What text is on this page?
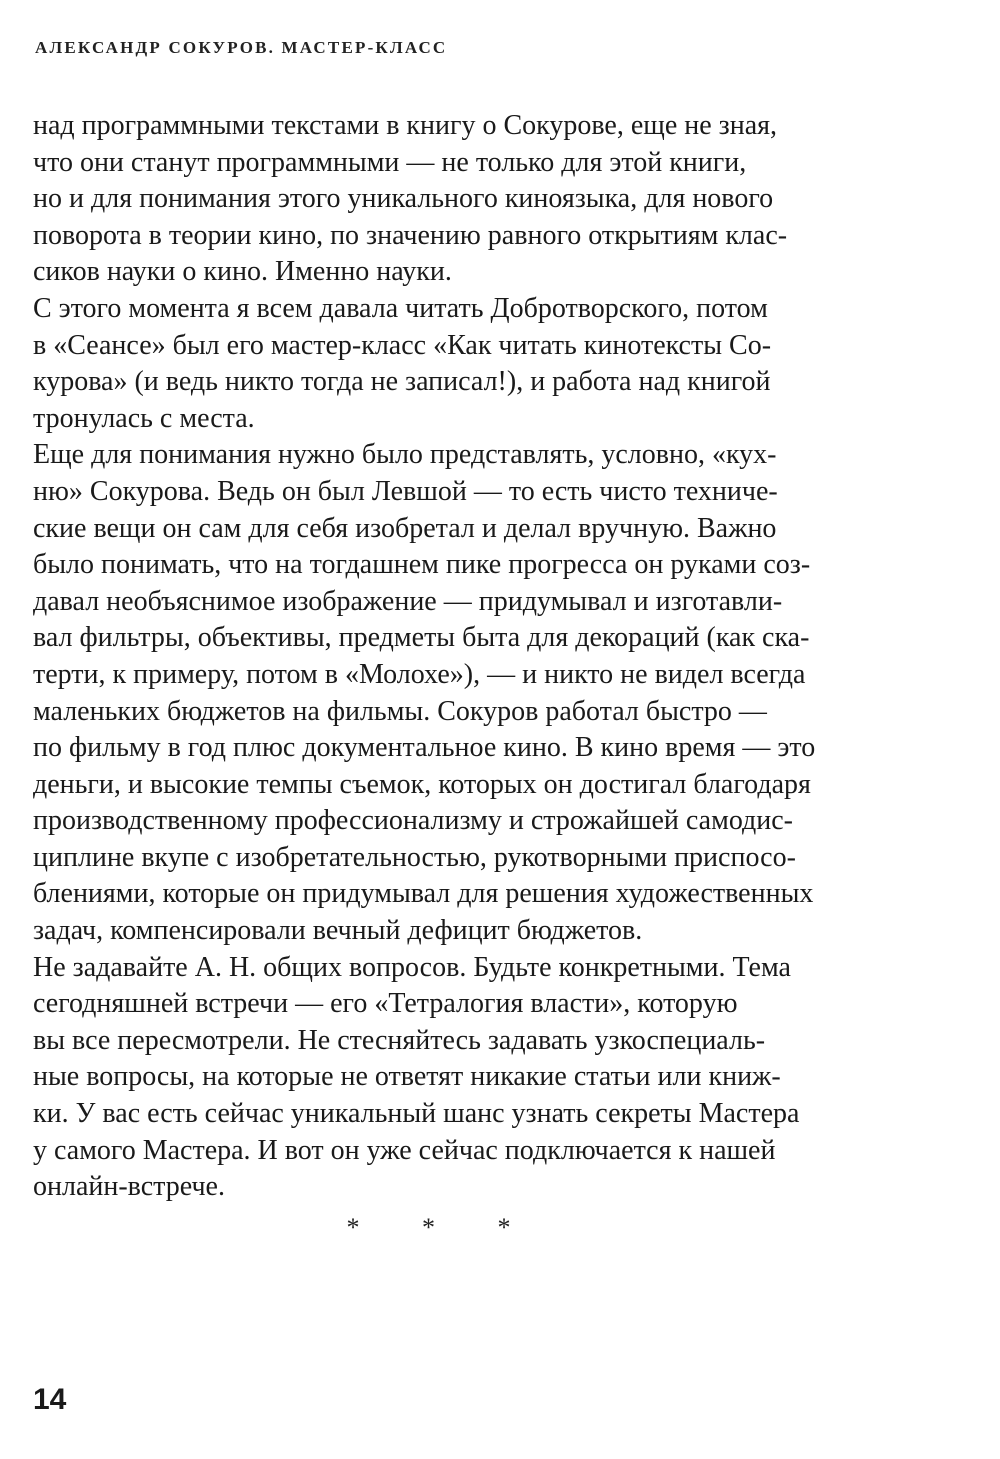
АЛЕКСАНДР СОКУРОВ. МАСТЕР-КЛАСС
над программными текстами в книгу о Сокурове, еще не зная,
что они станут программными — не только для этой книги,
но и для понимания этого уникального киноязыка, для нового
поворота в теории кино, по значению равного открытиям клас-
сиков науки о кино. Именно науки.
С этого момента я всем давала читать Добротворского, потом
в «Сеансе» был его мастер-класс «Как читать кинотексты Со-
курова» (и ведь никто тогда не записал!), и работа над книгой
тронулась с места.
Еще для понимания нужно было представлять, условно, «кух-
ню» Сокурова. Ведь он был Левшой — то есть чисто техниче-
ские вещи он сам для себя изобретал и делал вручную. Важно
было понимать, что на тогдашнем пике прогресса он руками соз-
давал необъяснимое изображение — придумывал и изготавли-
вал фильтры, объективы, предметы быта для декораций (как ска-
терти, к примеру, потом в «Молохе»), — и никто не видел всегда
маленьких бюджетов на фильмы. Сокуров работал быстро —
по фильму в год плюс документальное кино. В кино время — это
деньги, и высокие темпы съемок, которых он достигал благодаря
производственному профессионализму и строжайшей самодис-
циплине вкупе с изобретательностью, рукотворными приспосо-
блениями, которые он придумывал для решения художественных
задач, компенсировали вечный дефицит бюджетов.
Не задавайте А. Н. общих вопросов. Будьте конкретными. Тема
сегодняшней встречи — его «Тетралогия власти», которую
вы все пересмотрели. Не стесняйтесь задавать узкоспециаль-
ные вопросы, на которые не ответят никакие статьи или книж-
ки. У вас есть сейчас уникальный шанс узнать секреты Мастера
у самого Мастера. И вот он уже сейчас подключается к нашей
онлайн-встрече.
* * *
14
